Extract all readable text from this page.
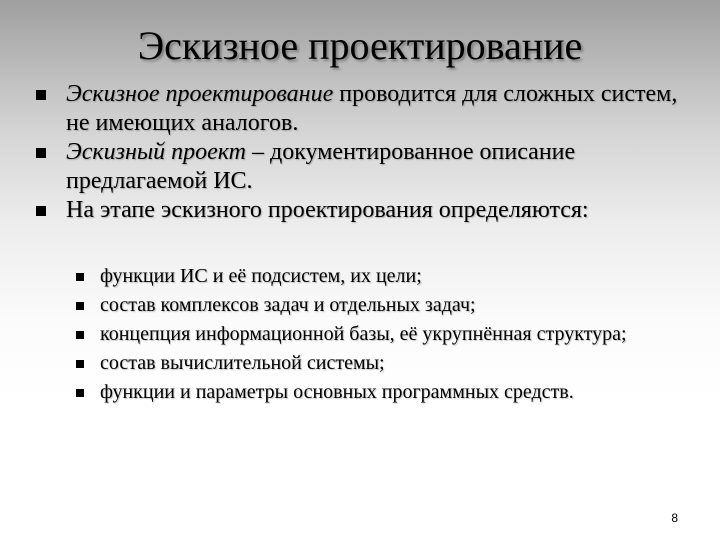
Эскизное проектирование
Эскизное проектирование проводится для сложных систем, не имеющих аналогов.
Эскизный проект – документированное описание предлагаемой ИС.
На этапе эскизного проектирования определяются:
функции ИС и её подсистем, их цели;
состав комплексов задач и отдельных задач;
концепция информационной базы, её укрупнённая структура;
состав вычислительной системы;
функции и параметры основных программных средств.
8
